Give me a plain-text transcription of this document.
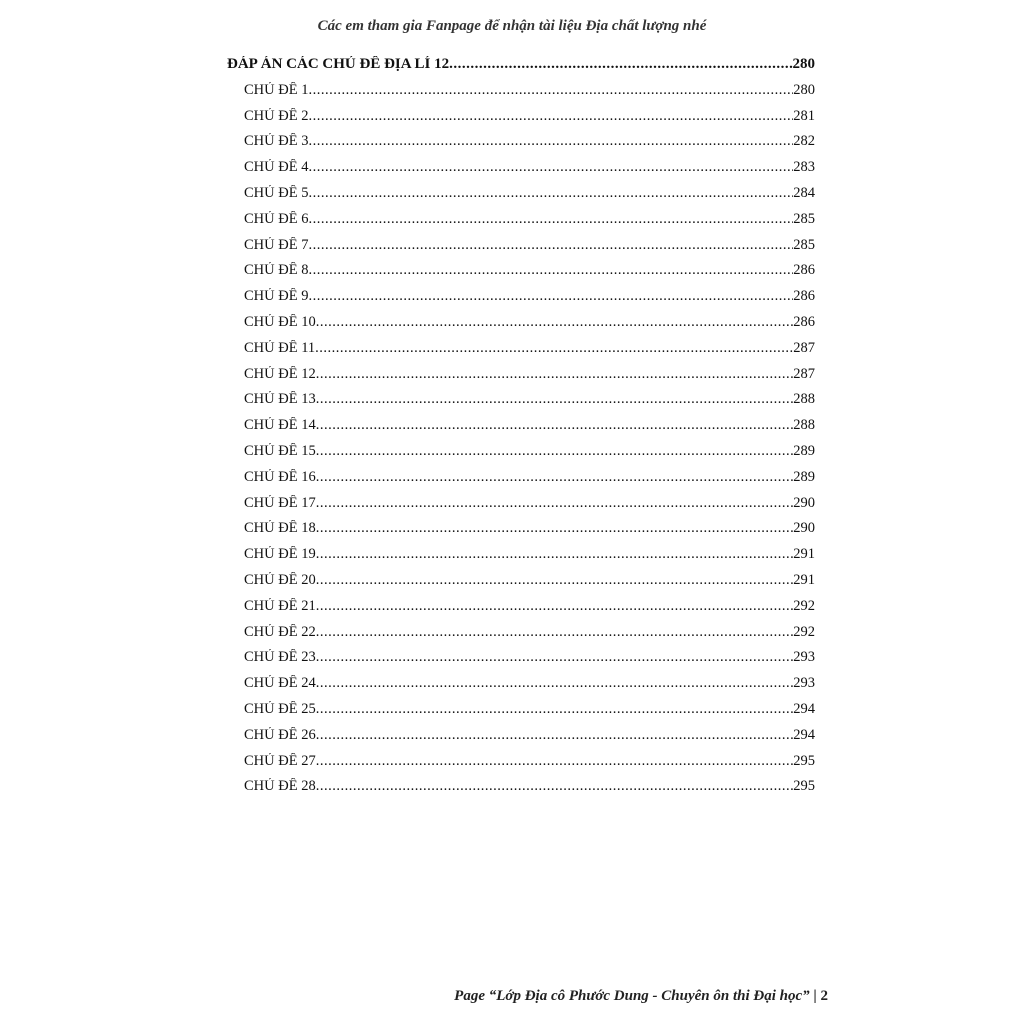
Các em tham gia Fanpage để nhận tài liệu Địa chất lượng nhé
ĐÁP ÁN CÁC CHỦ ĐỀ ĐỊA LÍ 12 .....	280
CHỦ ĐỀ 1 .....	280
CHỦ ĐỀ 2 .....	281
CHỦ ĐỀ 3 .....	282
CHỦ ĐỀ 4 .....	283
CHỦ ĐỀ 5 .....	284
CHỦ ĐỀ 6 .....	285
CHỦ ĐỀ 7 .....	285
CHỦ ĐỀ 8 .....	286
CHỦ ĐỀ 9 .....	286
CHỦ ĐỀ 10 .....	286
CHỦ ĐỀ 11 .....	287
CHỦ ĐỀ 12 .....	287
CHỦ ĐỀ 13 .....	288
CHỦ ĐỀ 14 .....	288
CHỦ ĐỀ 15 .....	289
CHỦ ĐỀ 16 .....	289
CHỦ ĐỀ 17 .....	290
CHỦ ĐỀ 18 .....	290
CHỦ ĐỀ 19 .....	291
CHỦ ĐỀ 20 .....	291
CHỦ ĐỀ 21 .....	292
CHỦ ĐỀ 22 .....	292
CHỦ ĐỀ 23 .....	293
CHỦ ĐỀ 24 .....	293
CHỦ ĐỀ 25 .....	294
CHỦ ĐỀ 26 .....	294
CHỦ ĐỀ 27 .....	295
CHỦ ĐỀ 28 .....	295
Page “Lớp Địa cô Phước Dung - Chuyên ôn thi Đại học” | 2
